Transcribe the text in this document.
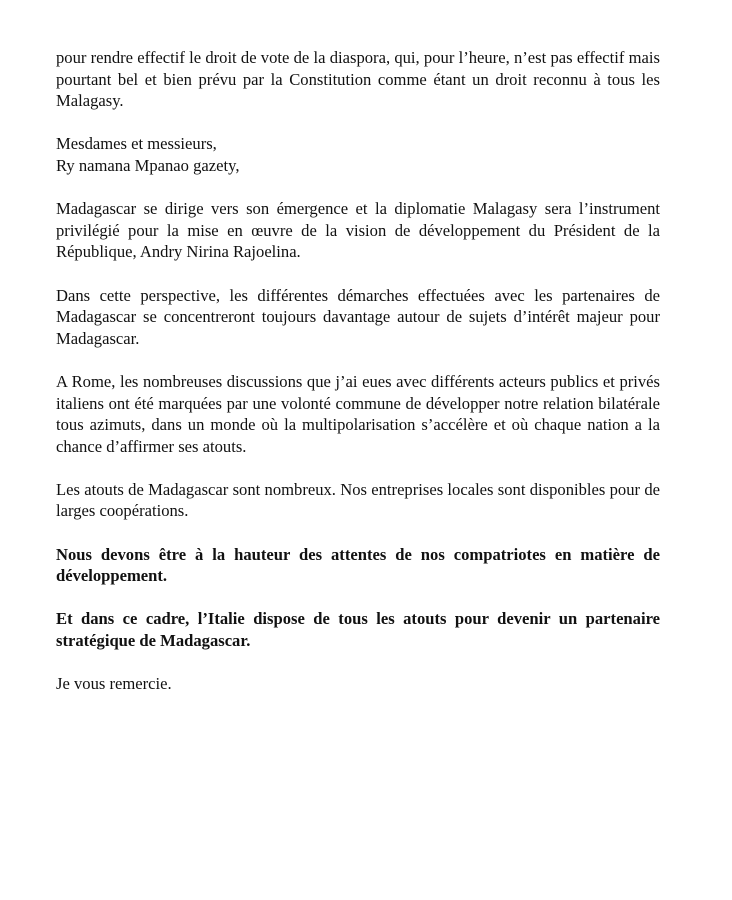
pour rendre effectif le droit de vote de la diaspora, qui, pour l’heure, n’est pas effectif mais pourtant bel et bien prévu par la Constitution comme étant un droit reconnu à tous les Malagasy.

Mesdames et messieurs,
Ry namana Mpanao gazety,

Madagascar se dirige vers son émergence et la diplomatie Malagasy sera l’instrument privilégié pour la mise en œuvre de la vision de développement du Président de la République, Andry Nirina Rajoelina.

Dans cette perspective, les différentes démarches effectuées avec les partenaires de Madagascar se concentreront toujours davantage autour de sujets d’intérêt majeur pour Madagascar.

A Rome, les nombreuses discussions que j’ai eues avec différents acteurs publics et privés italiens ont été marquées par une volonté commune de développer notre relation bilatérale tous azimuts, dans un monde où la multipolarisation s’accélère et où chaque nation a la chance d’affirmer ses atouts.

Les atouts de Madagascar sont nombreux. Nos entreprises locales sont disponibles pour de larges coopérations.

Nous devons être à la hauteur des attentes de nos compatriotes en matière de développement.

Et dans ce cadre, l’Italie dispose de tous les atouts pour devenir un partenaire stratégique de Madagascar.

Je vous remercie.
